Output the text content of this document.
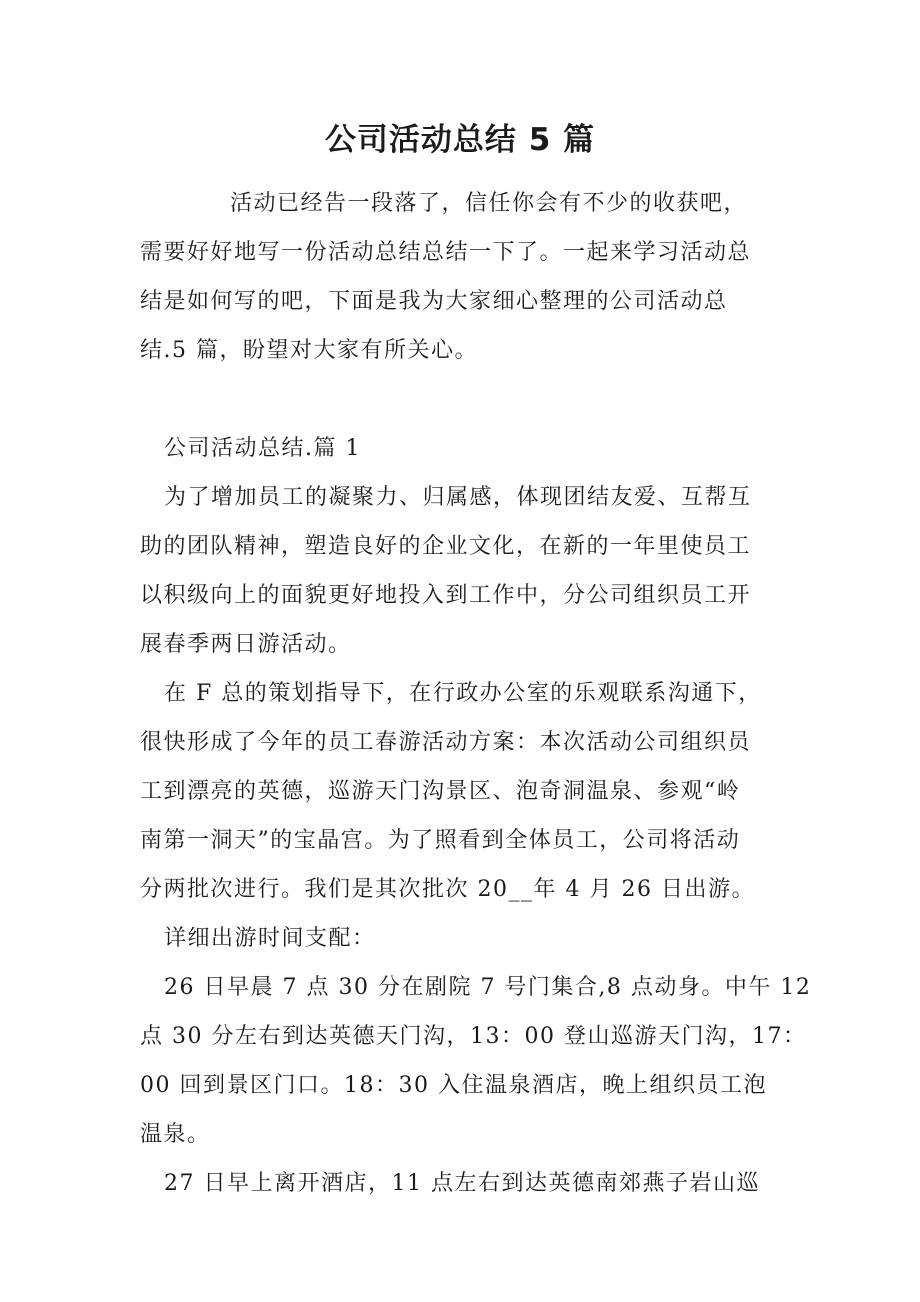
公司活动总结 5 篇
活动已经告一段落了，信任你会有不少的收获吧，
需要好好地写一份活动总结总结一下了。一起来学习活动总
结是如何写的吧，下面是我为大家细心整理的公司活动总
结.5 篇，盼望对大家有所关心。
公司活动总结.篇 1
为了增加员工的凝聚力、归属感，体现团结友爱、互帮互
助的团队精神，塑造良好的企业文化，在新的一年里使员工
以积级向上的面貌更好地投入到工作中，分公司组织员工开
展春季两日游活动。
在 F 总的策划指导下，在行政办公室的乐观联系沟通下，
很快形成了今年的员工春游活动方案：本次活动公司组织员
工到漂亮的英德，巡游天门沟景区、泡奇洞温泉、参观“岭
南第一洞天”的宝晶宫。为了照看到全体员工，公司将活动
分两批次进行。我们是其次批次 20__年 4 月 26 日出游。
详细出游时间支配：
26 日早晨 7 点 30 分在剧院 7 号门集合,8 点动身。中午 12
点 30 分左右到达英德天门沟，13：00 登山巡游天门沟，17：
00 回到景区门口。18：30 入住温泉酒店，晚上组织员工泡
温泉。
27 日早上离开酒店，11 点左右到达英德南郊燕子岩山巡
